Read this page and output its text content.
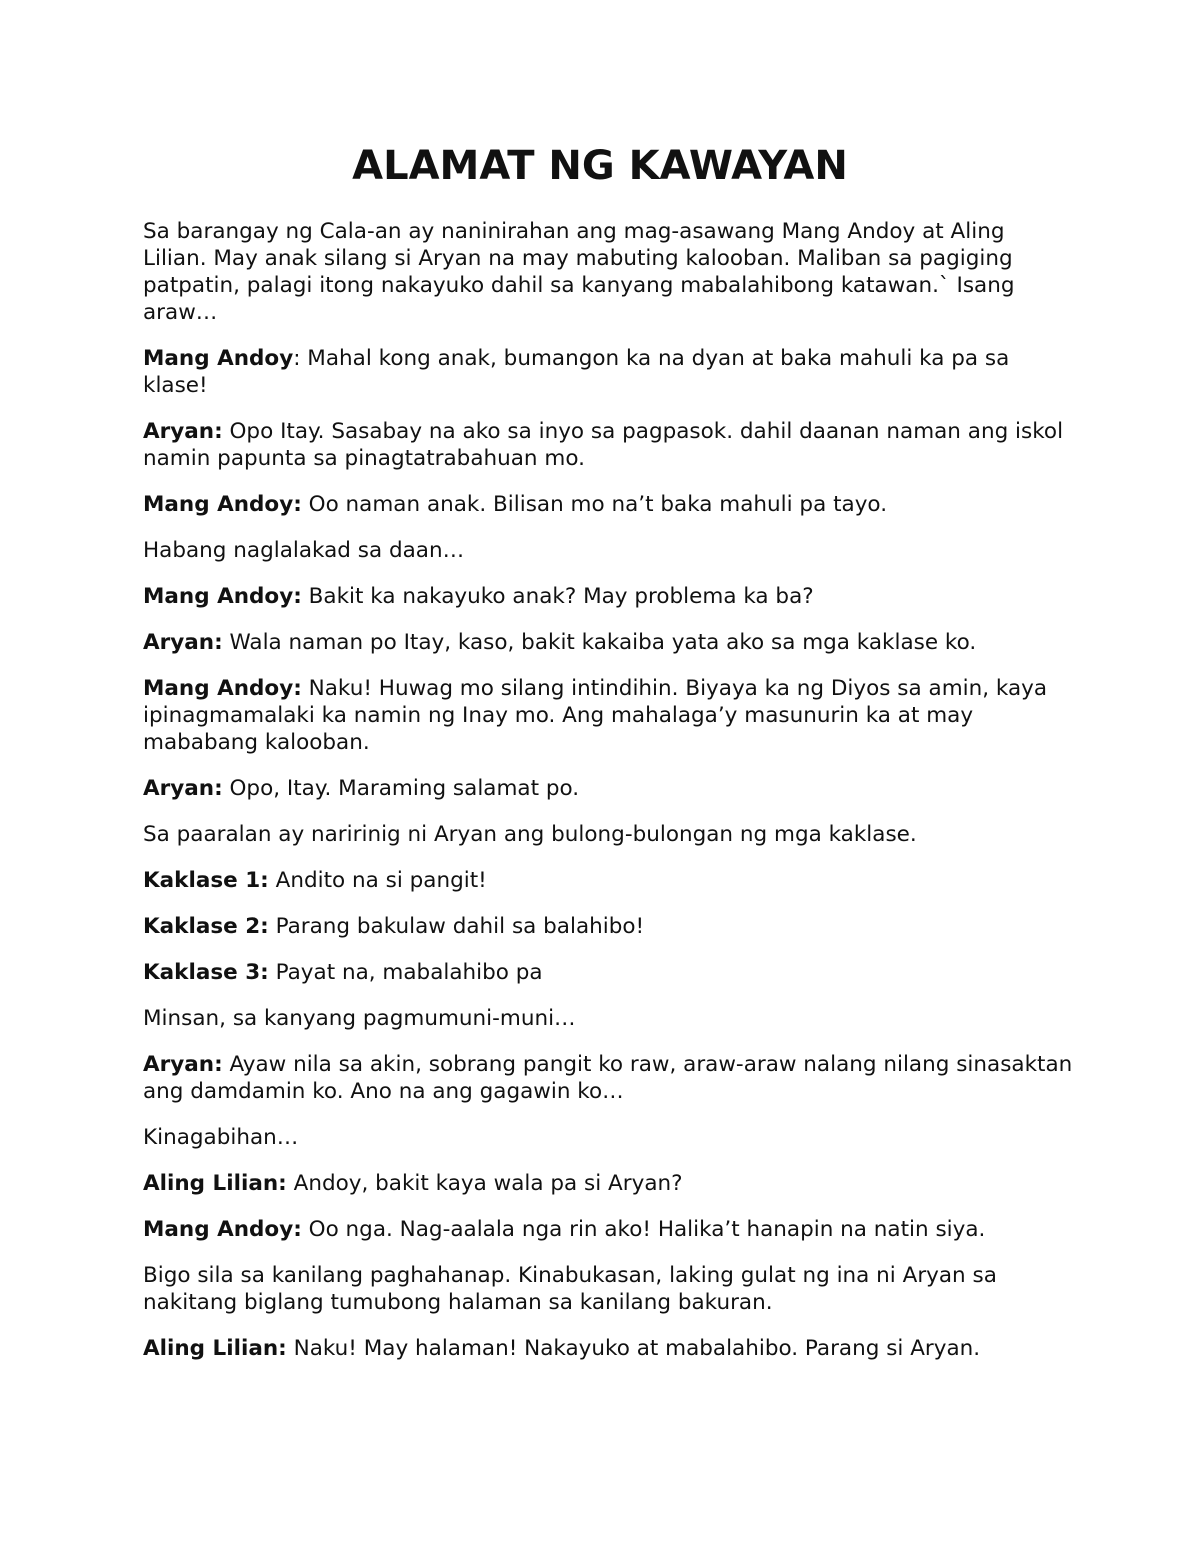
ALAMAT NG KAWAYAN

Sa barangay ng Cala-an ay naninirahan ang mag-asawang Mang Andoy at Aling Lilian. May anak silang si Aryan na may mabuting kalooban. Maliban sa pagiging patpatin, palagi itong nakayuko dahil sa kanyang mabalahibong katawan.` Isang araw…

Mang Andoy: Mahal kong anak, bumangon ka na dyan at baka mahuli ka pa sa klase!

Aryan: Opo Itay. Sasabay na ako sa inyo sa pagpasok. dahil daanan naman ang iskol namin papunta sa pinagtatrabahuan mo.

Mang Andoy: Oo naman anak. Bilisan mo na’t baka mahuli pa tayo.

Habang naglalakad sa daan…

Mang Andoy: Bakit ka nakayuko anak? May problema ka ba?

Aryan: Wala naman po Itay, kaso, bakit kakaiba yata ako sa mga kaklase ko.

Mang Andoy: Naku! Huwag mo silang intindihin. Biyaya ka ng Diyos sa amin, kaya ipinagmamalaki ka namin ng Inay mo. Ang mahalaga’y masunurin ka at may mababang kalooban.

Aryan: Opo, Itay. Maraming salamat po.

Sa paaralan ay naririnig ni Aryan ang bulong-bulongan ng mga kaklase.

Kaklase 1: Andito na si pangit!

Kaklase 2: Parang bakulaw dahil sa balahibo!

Kaklase 3: Payat na, mabalahibo pa

Minsan, sa kanyang pagmumuni-muni…

Aryan: Ayaw nila sa akin, sobrang pangit ko raw, araw-araw nalang nilang sinasaktan ang damdamin ko. Ano na ang gagawin ko…

Kinagabihan…

Aling Lilian: Andoy, bakit kaya wala pa si Aryan?

Mang Andoy: Oo nga. Nag-aalala nga rin ako! Halika’t hanapin na natin siya.

Bigo sila sa kanilang paghahanap. Kinabukasan, laking gulat ng ina ni Aryan sa nakitang biglang tumubong halaman sa kanilang bakuran.

Aling Lilian: Naku! May halaman! Nakayuko at mabalahibo. Parang si Aryan.
